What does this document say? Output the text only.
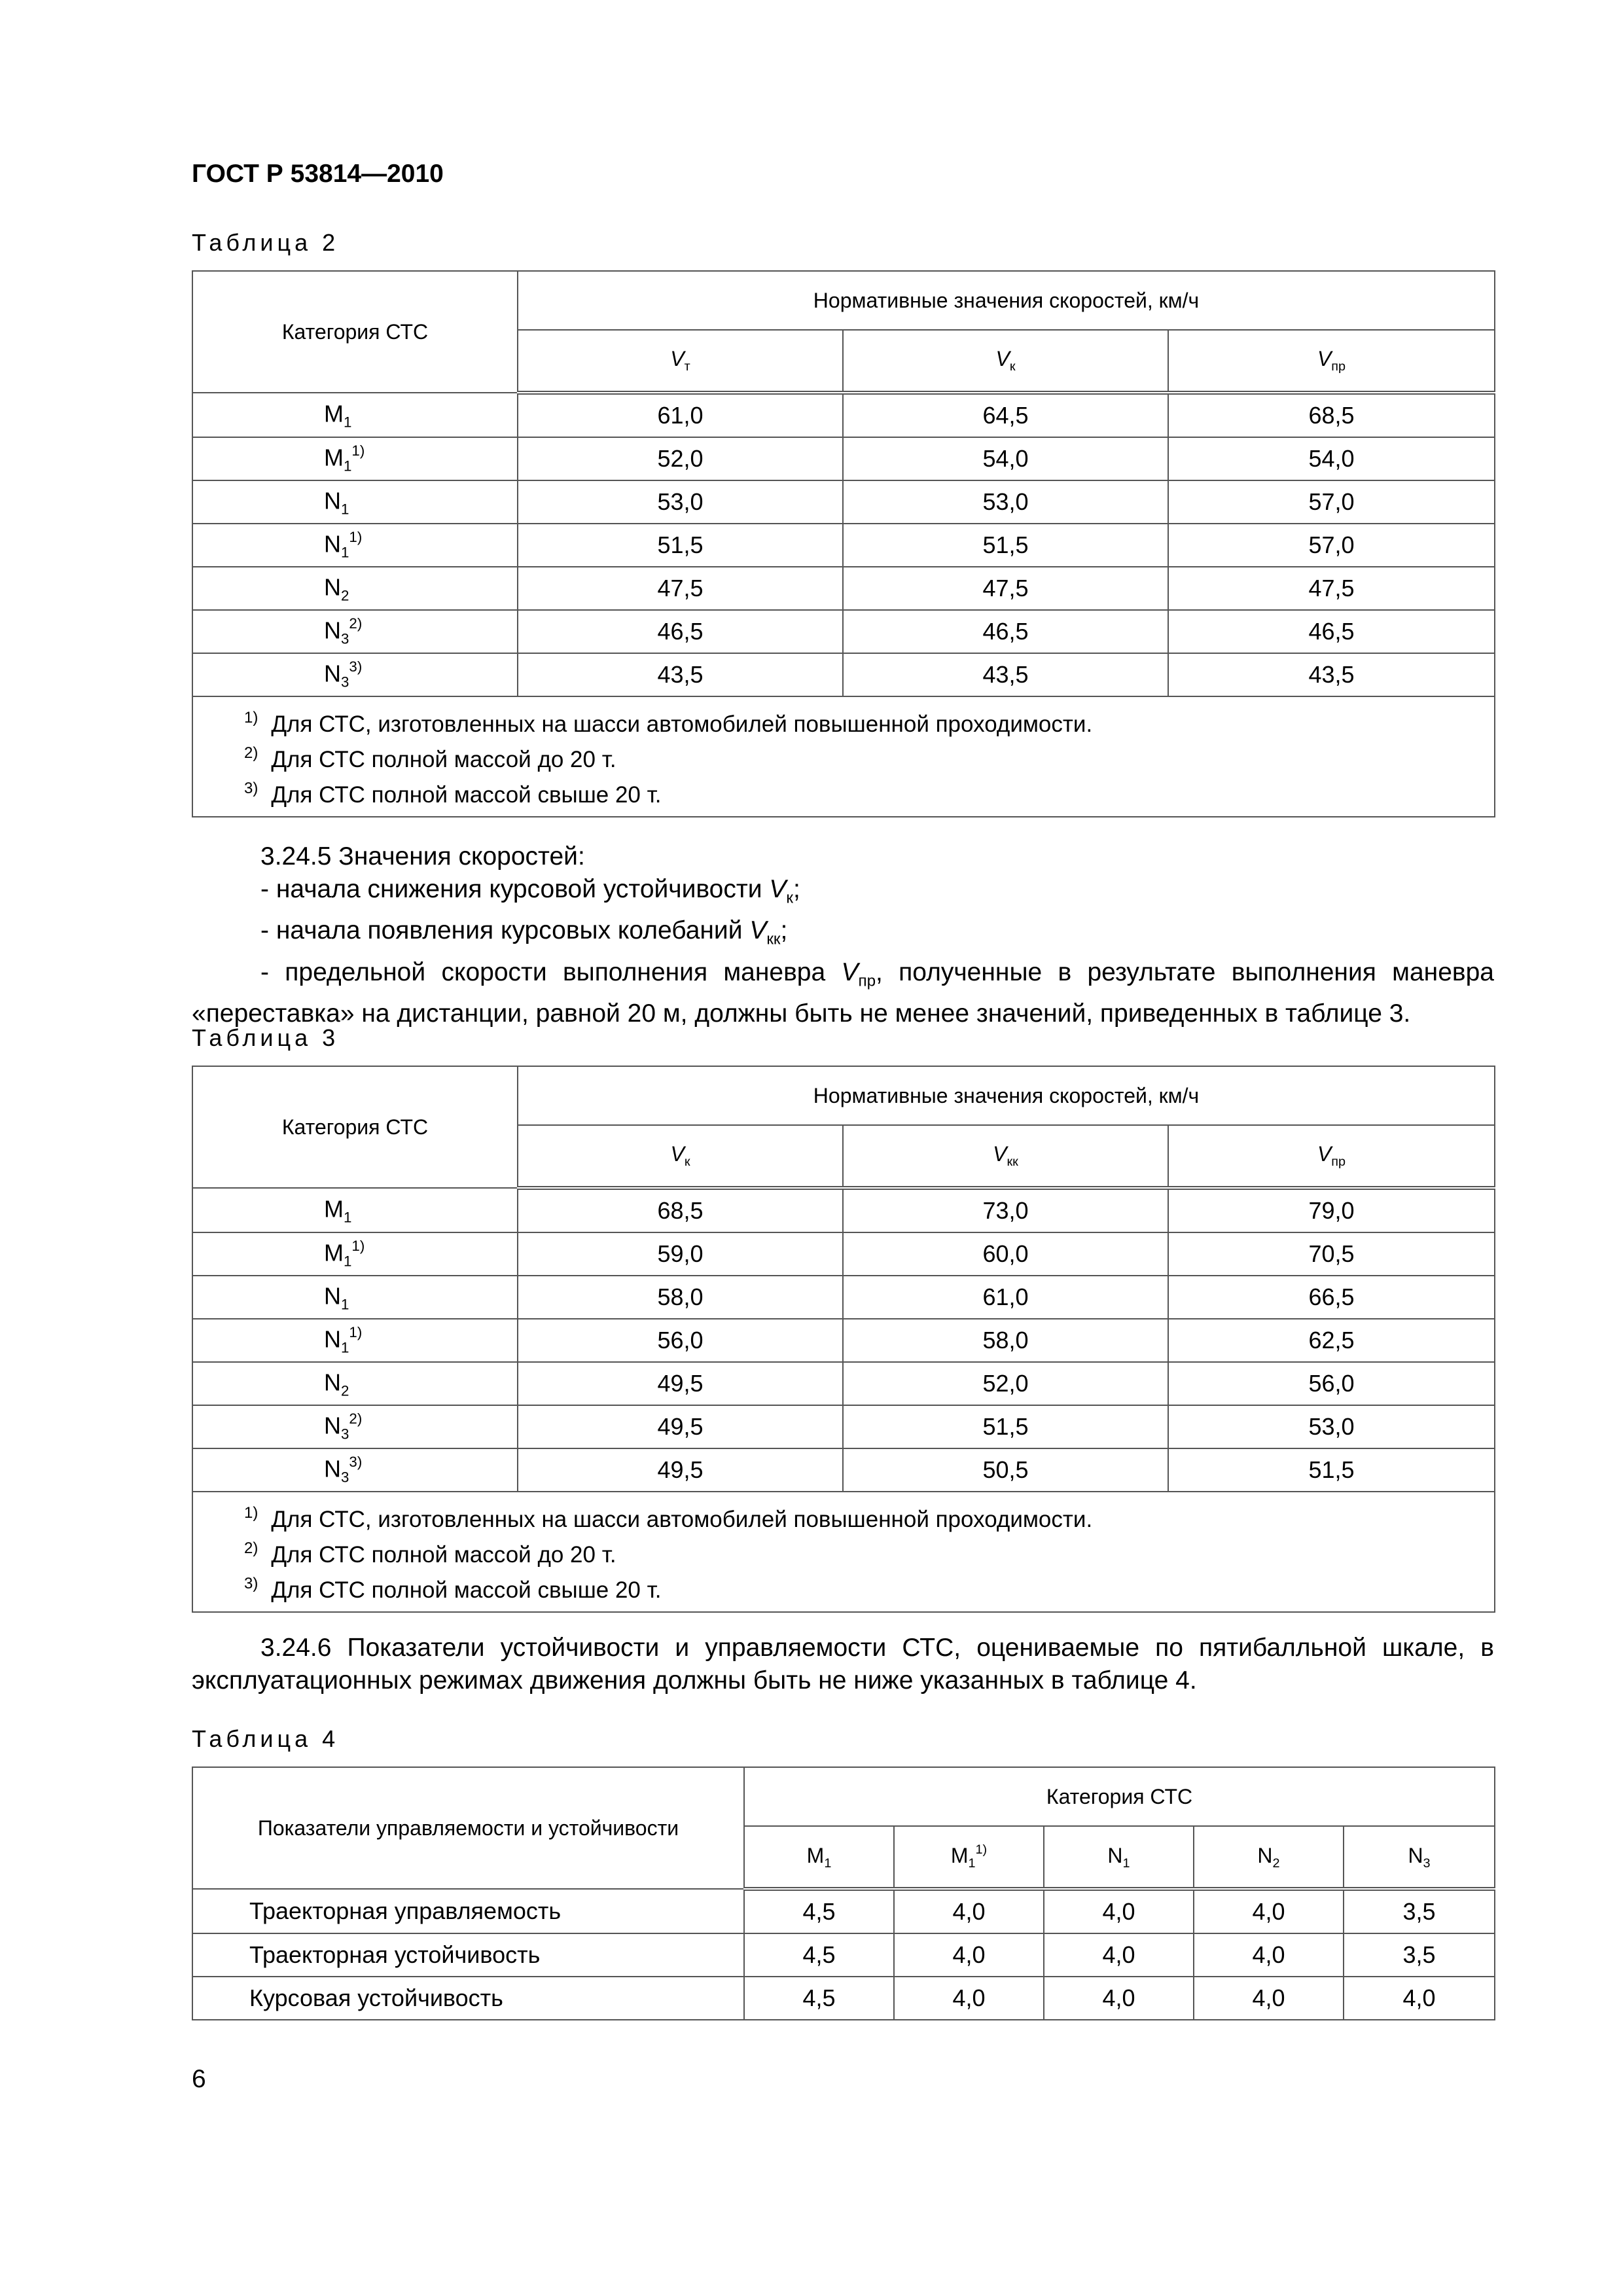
ГОСТ Р 53814—2010
Таблица 2
Категория СТС	Нормативные значения скоростей, км/ч		
	$V_т$	$V_к$	$V_{пр}$
$M_1$	61,0	64,5	68,5
$M_1^{1)}$	52,0	54,0	54,0
$N_1$	53,0	53,0	57,0
$N_1^{1)}$	51,5	51,5	57,0
$N_2$	47,5	47,5	47,5
$N_3^{2)}$	46,5	46,5	46,5
$N_3^{3)}$	43,5	43,5	43,5

$^{1)}$ Для СТС, изготовленных на шасси автомобилей повышенной проходимости.
$^{2)}$ Для СТС полной массой до 20 т.
$^{3)}$ Для СТС полной массой свыше 20 т.			
3.24.5 Значения скоростей:
- начала снижения курсовой устойчивости $V_к$;
- начала появления курсовых колебаний $V_{кк}$;
- предельной скорости выполнения маневра $V_{пр}$, полученные в результате выполнения маневра
«переставка» на дистанции, равной 20 м, должны быть не менее значений, приведенных в таблице 3.
Таблица 3
Категория СТС	Нормативные значения скоростей, км/ч		
	$V_к$	$V_{кк}$	$V_{пр}$
$M_1$	68,5	73,0	79,0
$M_1^{1)}$	59,0	60,0	70,5
$N_1$	58,0	61,0	66,5
$N_1^{1)}$	56,0	58,0	62,5
$N_2$	49,5	52,0	56,0
$N_3^{2)}$	49,5	51,5	53,0
$N_3^{3)}$	49,5	50,5	51,5

$^{1)}$ Для СТС, изготовленных на шасси автомобилей повышенной проходимости.
$^{2)}$ Для СТС полной массой до 20 т.
$^{3)}$ Для СТС полной массой свыше 20 т.			
3.24.6 Показатели устойчивости и управляемости СТС, оцениваемые по пятибалльной шкале, в
эксплуатационных режимах движения должны быть не ниже указанных в таблице 4.
Таблица 4
Показатели управляемости и устойчивости	Категория СТС				
	$M_1$	$M_1^{1)}$	$N_1$	$N_2$	$N_3$
Траекторная управляемость	4,5	4,0	4,0	4,0	3,5
Траекторная устойчивость	4,5	4,0	4,0	4,0	3,5
Курсовая устойчивость	4,5	4,0	4,0	4,0	4,0
6
